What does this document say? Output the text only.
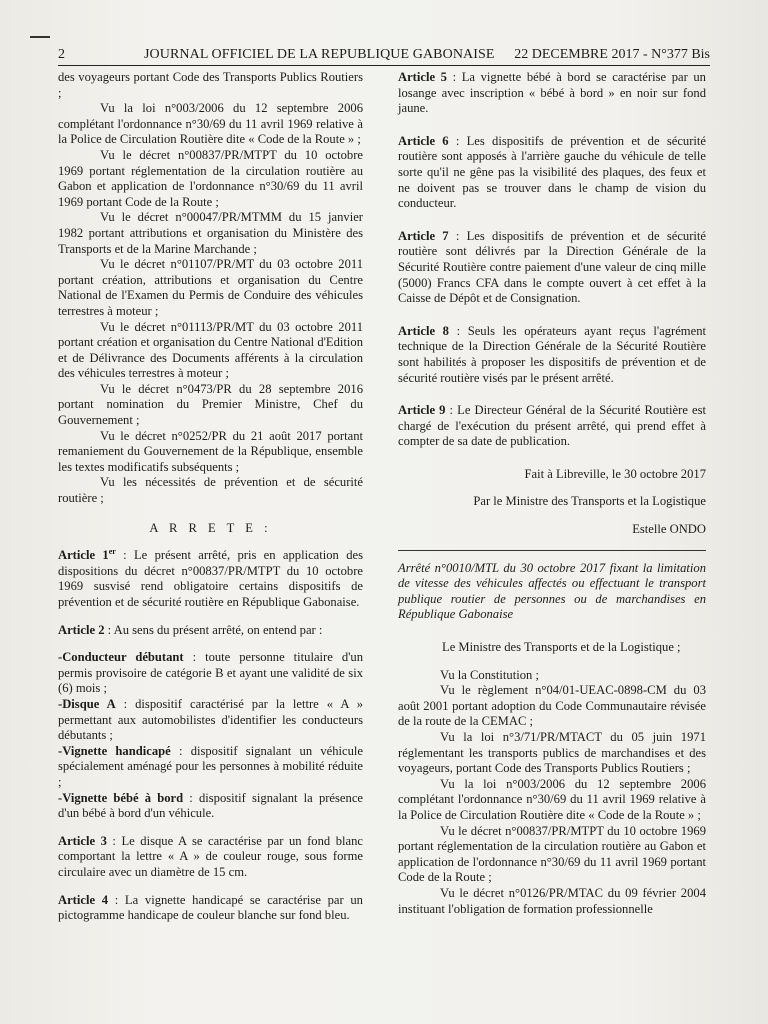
2	JOURNAL OFFICIEL DE LA REPUBLIQUE GABONAISE 22 DECEMBRE 2017 - N°377 Bis

des voyageurs portant Code des Transports Publics Routiers ;

Vu la loi n°003/2006 du 12 septembre 2006 complétant l'ordonnance n°30/69 du 11 avril 1969 relative à la Police de Circulation Routière dite « Code de la Route » ;

Vu le décret n°00837/PR/MTPT du 10 octobre 1969 portant réglementation de la circulation routière au Gabon et application de l'ordonnance n°30/69 du 11 avril 1969 portant Code de la Route ;

Vu le décret n°00047/PR/MTMM du 15 janvier 1982 portant attributions et organisation du Ministère des Transports et de la Marine Marchande ;

Vu le décret n°01107/PR/MT du 03 octobre 2011 portant création, attributions et organisation du Centre National de l'Examen du Permis de Conduire des véhicules terrestres à moteur ;

Vu le décret n°01113/PR/MT du 03 octobre 2011 portant création et organisation du Centre National d'Edition et de Délivrance des Documents afférents à la circulation des véhicules terrestres à moteur ;

Vu le décret n°0473/PR du 28 septembre 2016 portant nomination du Premier Ministre, Chef du Gouvernement ;

Vu le décret n°0252/PR du 21 août 2017 portant remaniement du Gouvernement de la République, ensemble les textes modificatifs subséquents ;

Vu les nécessités de prévention et de sécurité routière ;

A R R E T E :

Article 1er : Le présent arrêté, pris en application des dispositions du décret n°00837/PR/MTPT du 10 octobre 1969 susvisé rend obligatoire certains dispositifs de prévention et de sécurité routière en République Gabonaise.

Article 2 : Au sens du présent arrêté, on entend par :

-Conducteur débutant : toute personne titulaire d'un permis provisoire de catégorie B et ayant une validité de six (6) mois ;

-Disque A : dispositif caractérisé par la lettre « A » permettant aux automobilistes d'identifier les conducteurs débutants ;

-Vignette handicapé : dispositif signalant un véhicule spécialement aménagé pour les personnes à mobilité réduite ;

-Vignette bébé à bord : dispositif signalant la présence d'un bébé à bord d'un véhicule.

Article 3 : Le disque A se caractérise par un fond blanc comportant la lettre « A » de couleur rouge, sous forme circulaire avec un diamètre de 15 cm.

Article 4 : La vignette handicapé se caractérise par un pictogramme handicape de couleur blanche sur fond bleu.

Article 5 : La vignette bébé à bord se caractérise par un losange avec inscription « bébé à bord » en noir sur fond jaune.

Article 6 : Les dispositifs de prévention et de sécurité routière sont apposés à l'arrière gauche du véhicule de telle sorte qu'il ne gêne pas la visibilité des plaques, des feux et ne doivent pas se trouver dans le champ de vision du conducteur.

Article 7 : Les dispositifs de prévention et de sécurité routière sont délivrés par la Direction Générale de la Sécurité Routière contre paiement d'une valeur de cinq mille (5000) Francs CFA dans le compte ouvert à cet effet à la Caisse de Dépôt et de Consignation.

Article 8 : Seuls les opérateurs ayant reçus l'agrément technique de la Direction Générale de la Sécurité Routière sont habilités à proposer les dispositifs de prévention et de sécurité routière visés par le présent arrêté.

Article 9 : Le Directeur Général de la Sécurité Routière est chargé de l'exécution du présent arrêté, qui prend effet à compter de sa date de publication.

Fait à Libreville, le 30 octobre 2017

Par le Ministre des Transports et la Logistique

Estelle ONDO

Arrêté n°0010/MTL du 30 octobre 2017 fixant la limitation de vitesse des véhicules affectés ou effectuant le transport publique routier de personnes ou de marchandises en République Gabonaise

Le Ministre des Transports et de la Logistique ;

Vu la Constitution ;

Vu le règlement n°04/01-UEAC-0898-CM du 03 août 2001 portant adoption du Code Communautaire révisée de la route de la CEMAC ;

Vu la loi n°3/71/PR/MTACT du 05 juin 1971 réglementant les transports publics de marchandises et des voyageurs, portant Code des Transports Publics Routiers ;

Vu la loi n°003/2006 du 12 septembre 2006 complétant l'ordonnance n°30/69 du 11 avril 1969 relative à la Police de Circulation Routière dite « Code de la Route » ;

Vu le décret n°00837/PR/MTPT du 10 octobre 1969 portant réglementation de la circulation routière au Gabon et application de l'ordonnance n°30/69 du 11 avril 1969 portant Code de la Route ;

Vu le décret n°0126/PR/MTAC du 09 février 2004 instituant l'obligation de formation professionnelle
